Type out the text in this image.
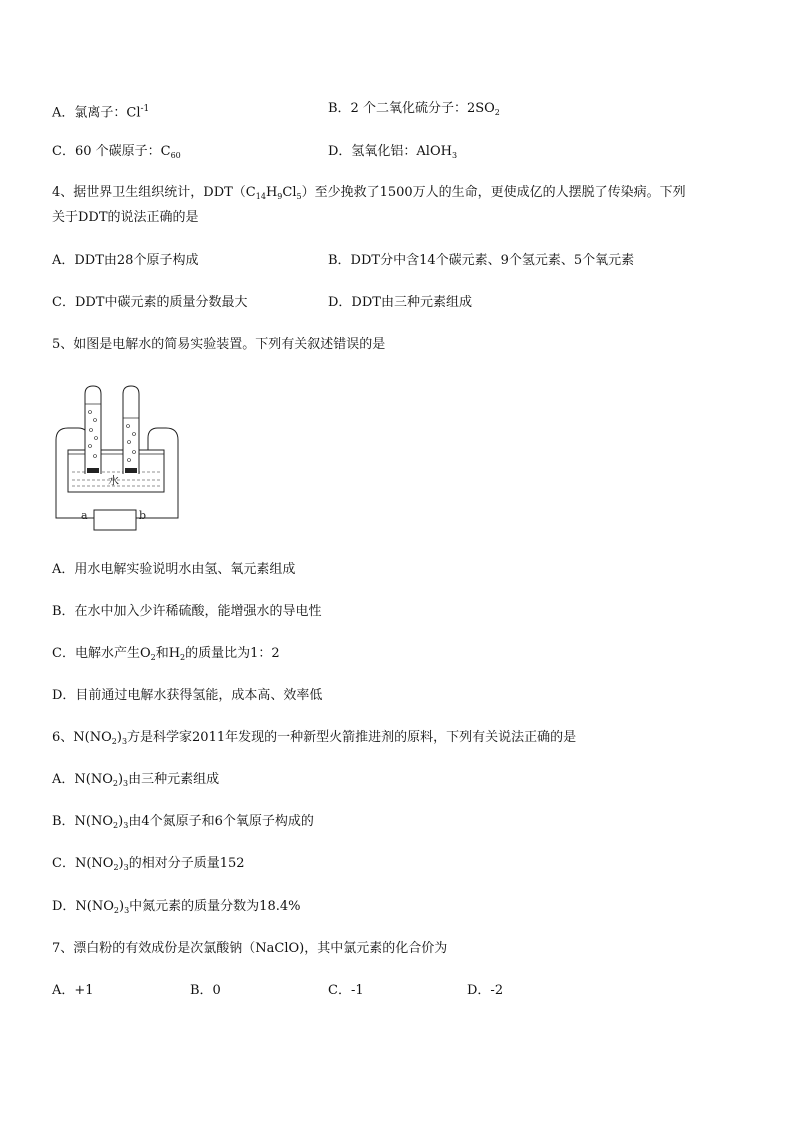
A．氯离子：$Cl^{-1}$	B．2 个二氧化硫分子：$2SO_2$
C．60 个碳原子：$C_{60}$	D．氢氧化铝：AlOH$_3$
4、据世界卫生组织统计，$DDT(C_{14}H_9Cl_5)$至少挽救了1500万人的生命，更使成亿的人摆脱了传染病。下列
关于DDT的说法正确的是
A．DDT由28个原子构成	B．DDT分中含14个碳元素、9个氢元素、5个氧元素
C．DDT中碳元素的质量分数最大	D．DDT由三种元素组成
5、如图是电解水的简易实验装置。下列有关叙述错误的是
a	b
水
A．用水电解实验说明水由氢、氧元素组成
B．在水中加入少许稀硫酸，能增强水的导电性
C．电解水产生$O_2$和$H_2$的质量比为1：2
D．目前通过电解水获得氢能，成本高、效率低
6、$N(NO_2)_3$方是科学家2011年发现的一种新型火箭推进剂的原料，下列有关说法正确的是
A．$N(NO_2)_3$由三种元素组成
B．$N(NO_2)_3$由4个氮原子和6个氧原子构成的
C．$N(NO_2)_3$的相对分子质量152
D．$N(NO_2)_3$中氮元素的质量分数为18.4%
7、漂白粉的有效成份是次氯酸钠（NaClO)，其中氯元素的化合价为
A．+1	B．0	C．-1	D．-2
